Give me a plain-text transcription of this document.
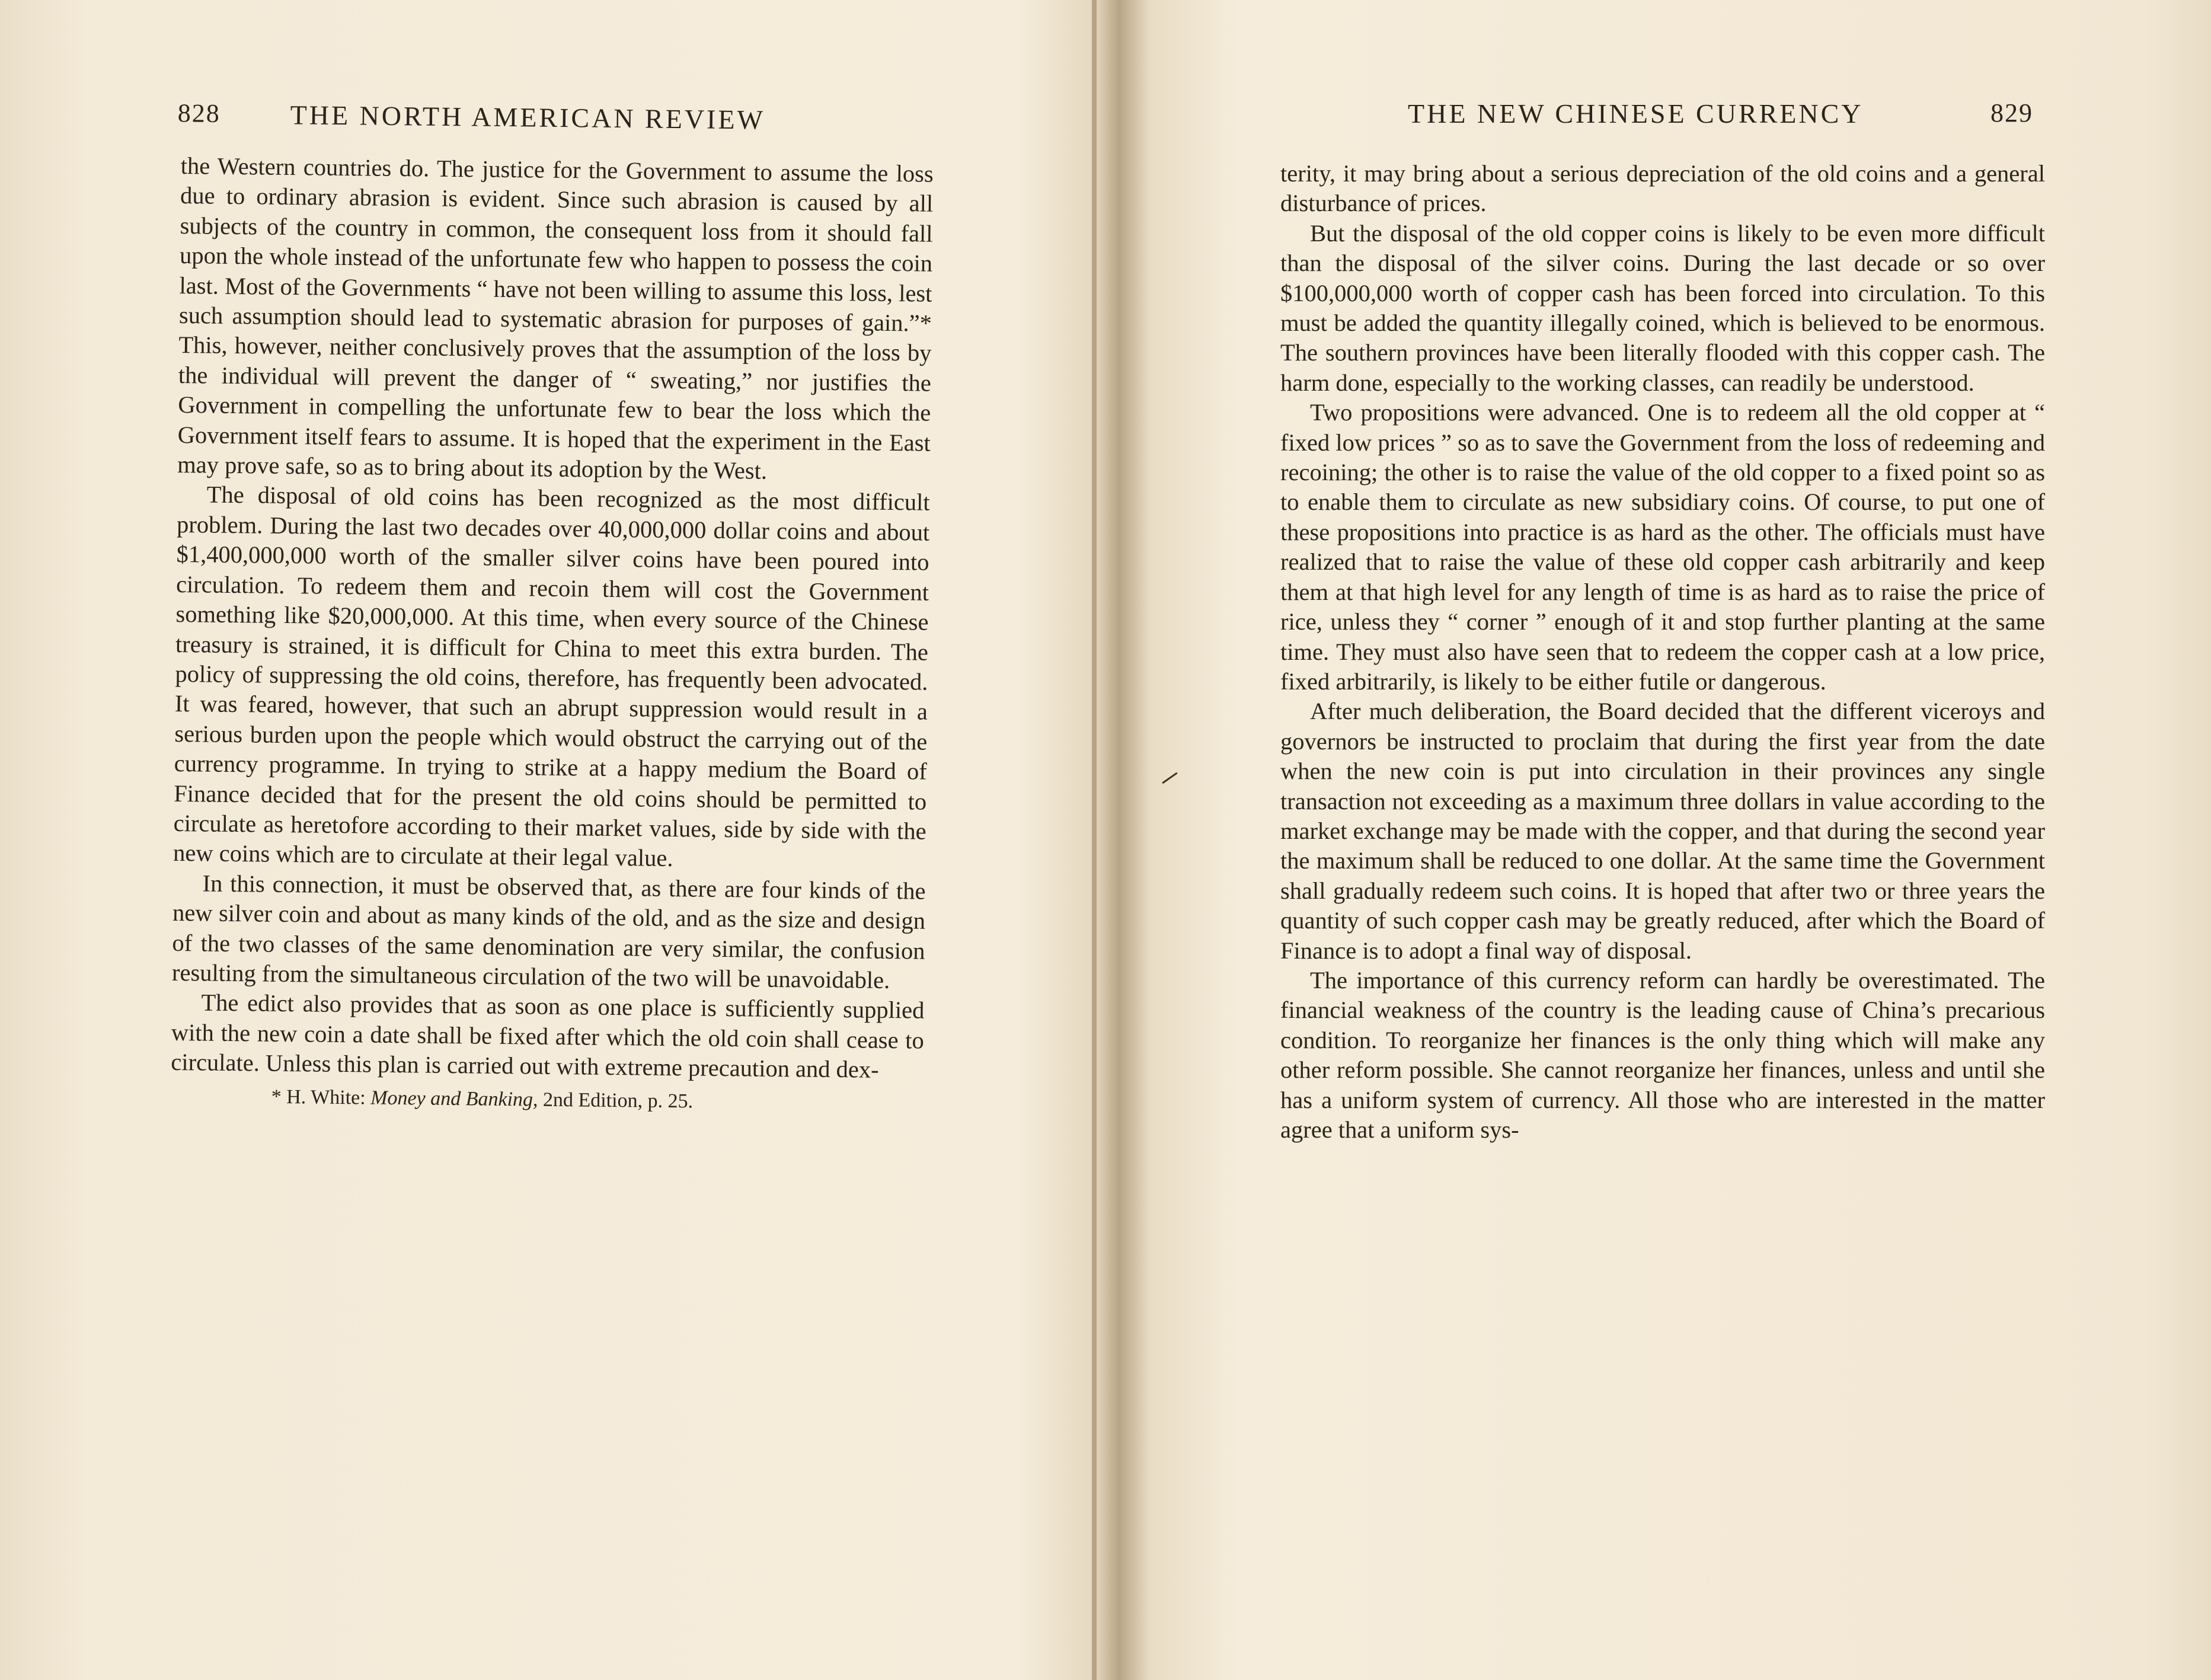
828	THE NORTH AMERICAN REVIEW

the Western countries do. The justice for the Government to assume the loss due to ordinary abrasion is evident. Since such abrasion is caused by all subjects of the country in common, the consequent loss from it should fall upon the whole instead of the unfortunate few who happen to possess the coin last. Most of the Governments “ have not been willing to assume this loss, lest such assumption should lead to systematic abrasion for purposes of gain.”* This, however, neither conclusively proves that the assumption of the loss by the individual will prevent the danger of “ sweating,” nor justifies the Government in compelling the unfortunate few to bear the loss which the Government itself fears to assume. It is hoped that the experiment in the East may prove safe, so as to bring about its adoption by the West.

The disposal of old coins has been recognized as the most difficult problem. During the last two decades over 40,000,000 dollar coins and about $1,400,000,000 worth of the smaller silver coins have been poured into circulation. To redeem them and recoin them will cost the Government something like $20,000,000. At this time, when every source of the Chinese treasury is strained, it is difficult for China to meet this extra burden. The policy of suppressing the old coins, therefore, has frequently been advocated. It was feared, however, that such an abrupt suppression would result in a serious burden upon the people which would obstruct the carrying out of the currency programme. In trying to strike at a happy medium the Board of Finance decided that for the present the old coins should be permitted to circulate as heretofore according to their market values, side by side with the new coins which are to circulate at their legal value.

In this connection, it must be observed that, as there are four kinds of the new silver coin and about as many kinds of the old, and as the size and design of the two classes of the same denomination are very similar, the confusion resulting from the simultaneous circulation of the two will be unavoidable.

The edict also provides that as soon as one place is sufficiently supplied with the new coin a date shall be fixed after which the old coin shall cease to circulate. Unless this plan is carried out with extreme precaution and dex-

* H. White: Money and Banking, 2nd Edition, p. 25.
THE NEW CHINESE CURRENCY	829

terity, it may bring about a serious depreciation of the old coins and a general disturbance of prices.

But the disposal of the old copper coins is likely to be even more difficult than the disposal of the silver coins. During the last decade or so over $100,000,000 worth of copper cash has been forced into circulation. To this must be added the quantity illegally coined, which is believed to be enormous. The southern provinces have been literally flooded with this copper cash. The harm done, especially to the working classes, can readily be understood.

Two propositions were advanced. One is to redeem all the old copper at “ fixed low prices ” so as to save the Government from the loss of redeeming and recoining; the other is to raise the value of the old copper to a fixed point so as to enable them to circulate as new subsidiary coins. Of course, to put one of these propositions into practice is as hard as the other. The officials must have realized that to raise the value of these old copper cash arbitrarily and keep them at that high level for any length of time is as hard as to raise the price of rice, unless they “ corner ” enough of it and stop further planting at the same time. They must also have seen that to redeem the copper cash at a low price, fixed arbitrarily, is likely to be either futile or dangerous.

After much deliberation, the Board decided that the different viceroys and governors be instructed to proclaim that during the first year from the date when the new coin is put into circulation in their provinces any single transaction not exceeding as a maximum three dollars in value according to the market exchange may be made with the copper, and that during the second year the maximum shall be reduced to one dollar. At the same time the Government shall gradually redeem such coins. It is hoped that after two or three years the quantity of such copper cash may be greatly reduced, after which the Board of Finance is to adopt a final way of disposal.

The importance of this currency reform can hardly be overestimated. The financial weakness of the country is the leading cause of China’s precarious condition. To reorganize her finances is the only thing which will make any other reform possible. She cannot reorganize her finances, unless and until she has a uniform system of currency. All those who are interested in the matter agree that a uniform sys-
